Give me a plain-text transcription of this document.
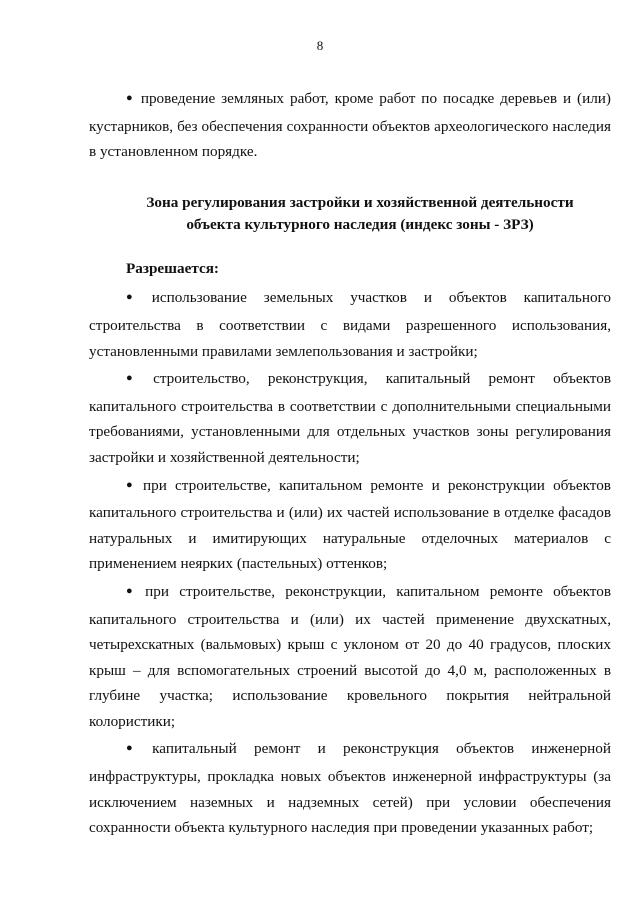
8

● проведение земляных работ, кроме работ по посадке деревьев и (или) кустарников, без обеспечения сохранности объектов археологического наследия в установленном порядке.

Зона регулирования застройки и хозяйственной деятельности объекта культурного наследия (индекс зоны - ЗРЗ)

Разрешается:

● использование земельных участков и объектов капитального строительства в соответствии с видами разрешенного использования, установленными правилами землепользования и застройки;

● строительство, реконструкция, капитальный ремонт объектов капитального строительства в соответствии с дополнительными специальными требованиями, установленными для отдельных участков зоны регулирования застройки и хозяйственной деятельности;

● при строительстве, капитальном ремонте и реконструкции объектов капитального строительства и (или) их частей использование в отделке фасадов натуральных и имитирующих натуральные отделочных материалов с применением неярких (пастельных) оттенков;

● при строительстве, реконструкции, капитальном ремонте объектов капитального строительства и (или) их частей применение двухскатных, четырехскатных (вальмовых) крыш с уклоном от 20 до 40 градусов, плоских крыш – для вспомогательных строений высотой до 4,0 м, расположенных в глубине участка; использование кровельного покрытия нейтральной колористики;

● капитальный ремонт и реконструкция объектов инженерной инфраструктуры, прокладка новых объектов инженерной инфраструктуры (за исключением наземных и надземных сетей) при условии обеспечения сохранности объекта культурного наследия при проведении указанных работ;
